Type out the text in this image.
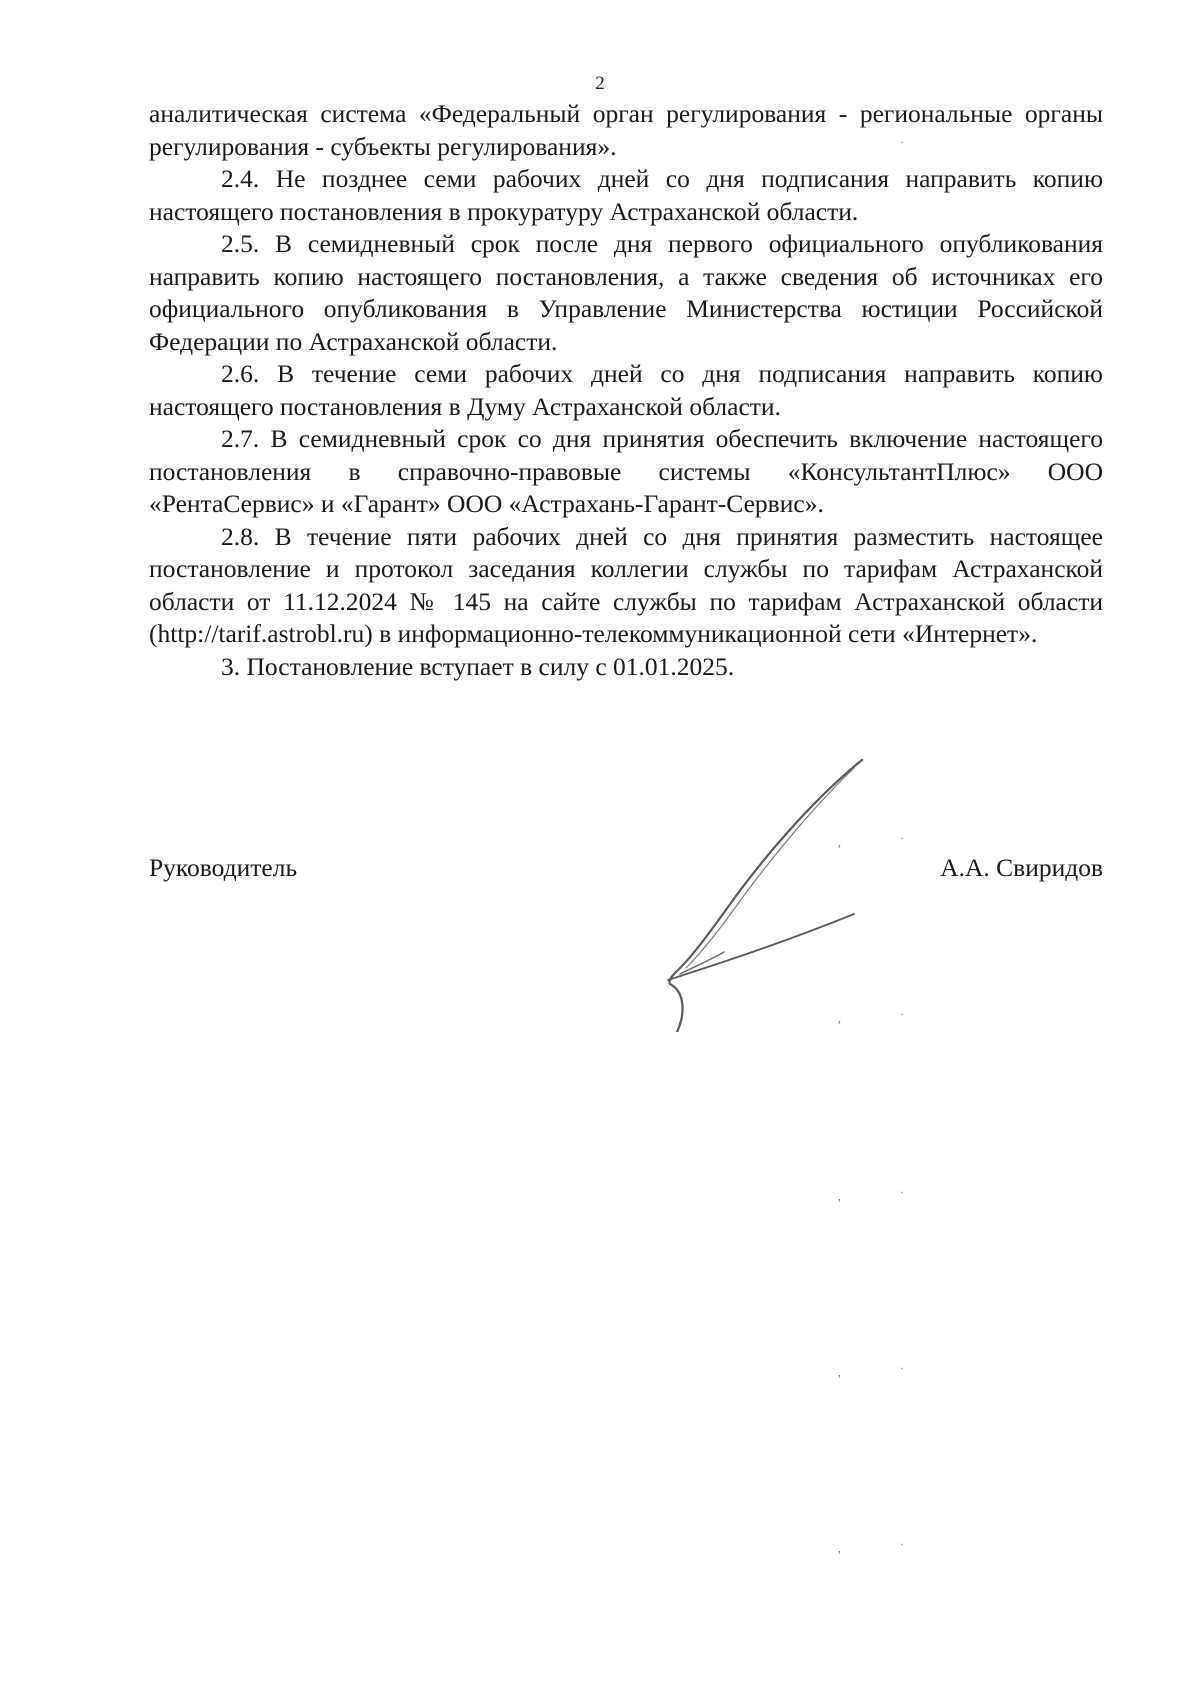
2

аналитическая система «Федеральный орган регулирования - региональные органы регулирования - субъекты регулирования».

2.4. Не позднее семи рабочих дней со дня подписания направить копию настоящего постановления в прокуратуру Астраханской области.

2.5. В семидневный срок после дня первого официального опубликования направить копию настоящего постановления, а также сведения об источниках его официального опубликования в Управление Министерства юстиции Российской Федерации по Астраханской области.

2.6. В течение семи рабочих дней со дня подписания направить копию настоящего постановления в Думу Астраханской области.

2.7. В семидневный срок со дня принятия обеспечить включение настоящего постановления в справочно-правовые системы «КонсультантПлюс» ООО «РентаСервис» и «Гарант» ООО «Астрахань-Гарант-Сервис».

2.8. В течение пяти рабочих дней со дня принятия разместить настоящее постановление и протокол заседания коллегии службы по тарифам Астраханской области от 11.12.2024 № 145 на сайте службы по тарифам Астраханской области (http://tarif.astrobl.ru) в информационно-телекоммуникационной сети «Интернет».

3. Постановление вступает в силу с 01.01.2025.

Руководитель	А.А. Свиридов
`
,	`
,	`
,	`
,	`
,	`
